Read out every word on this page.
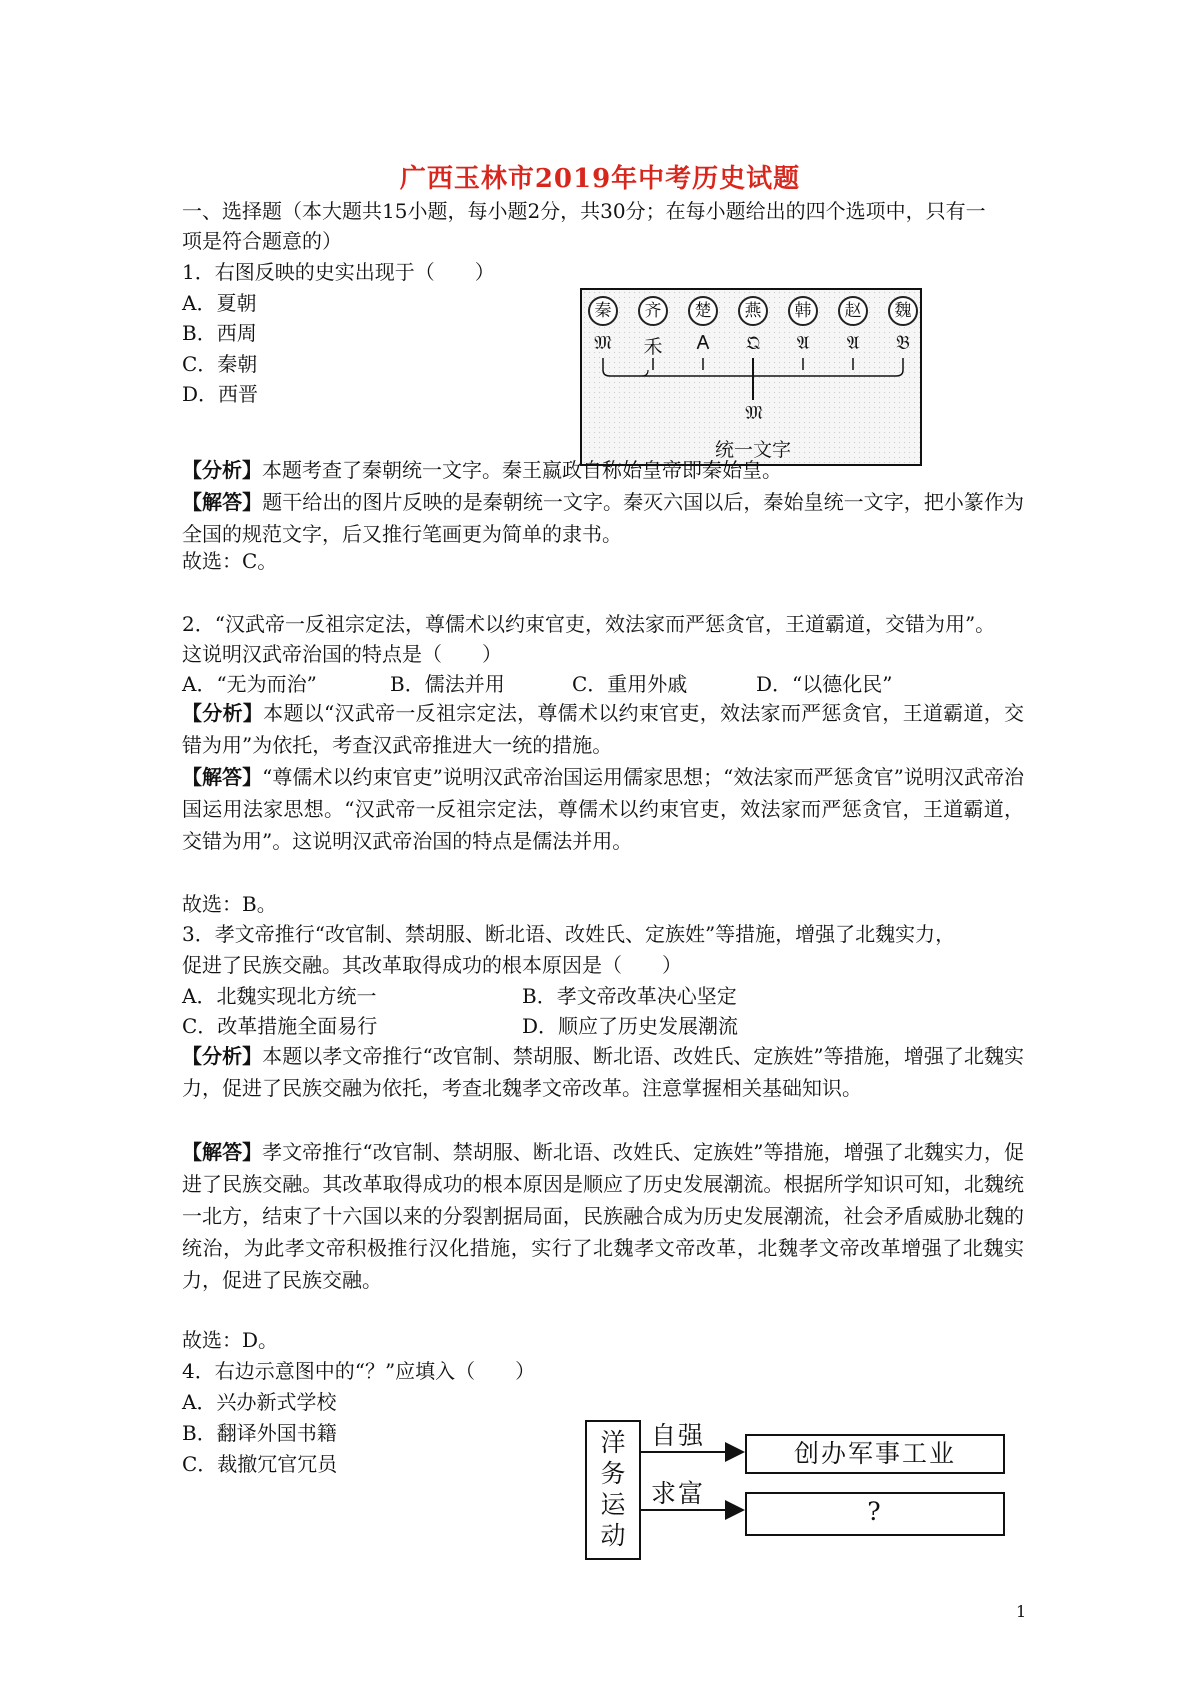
广西玉林市2019年中考历史试题
一、选择题（本大题共15小题，每小题2分，共30分；在每小题给出的四个选项中，只有一
项是符合题意的）
1．右图反映的史实出现于（　　）
A．夏朝
B．西周
C．秦朝
D．西晋
秦	齐	楚	燕	韩	赵	魏
𝔐	禾	𐌀	𝔔	𝔄	𝔄	𝔅
𝔐
统一文字
【分析】本题考查了秦朝统一文字。秦王嬴政自称始皇帝即秦始皇。
【解答】题干给出的图片反映的是秦朝统一文字。秦灭六国以后，秦始皇统一文字，把小篆作为全国的规范文字，后又推行笔画更为简单的隶书。
故选：C。
2．“汉武帝一反祖宗定法，尊儒术以约束官吏，效法家而严惩贪官，王道霸道，交错为用”。
这说明汉武帝治国的特点是（　　）
A．“无为而治”	B．儒法并用	C．重用外戚	D．“以德化民”
【分析】本题以“汉武帝一反祖宗定法，尊儒术以约束官吏，效法家而严惩贪官，王道霸道，交错为用”为依托，考查汉武帝推进大一统的措施。
【解答】“尊儒术以约束官吏”说明汉武帝治国运用儒家思想；“效法家而严惩贪官”说明汉武帝治国运用法家思想。“汉武帝一反祖宗定法，尊儒术以约束官吏，效法家而严惩贪官，王道霸道，交错为用”。这说明汉武帝治国的特点是儒法并用。
故选：B。
3．孝文帝推行“改官制、禁胡服、断北语、改姓氏、定族姓”等措施，增强了北魏实力，
促进了民族交融。其改革取得成功的根本原因是（　　）
A．北魏实现北方统一	B．孝文帝改革决心坚定
C．改革措施全面易行	D．顺应了历史发展潮流
【分析】本题以孝文帝推行“改官制、禁胡服、断北语、改姓氏、定族姓”等措施，增强了北魏实力，促进了民族交融为依托，考查北魏孝文帝改革。注意掌握相关基础知识。
【解答】孝文帝推行“改官制、禁胡服、断北语、改姓氏、定族姓”等措施，增强了北魏实力，促进了民族交融。其改革取得成功的根本原因是顺应了历史发展潮流。根据所学知识可知，北魏统一北方，结束了十六国以来的分裂割据局面，民族融合成为历史发展潮流，社会矛盾威胁北魏的统治，为此孝文帝积极推行汉化措施，实行了北魏孝文帝改革，北魏孝文帝改革增强了北魏实力，促进了民族交融。
故选：D。
4．右边示意图中的“？”应填入（　　）
A．兴办新式学校
B．翻译外国书籍
C．裁撤冗官冗员
洋
务
运
动
自强
求富
创办军事工业
?
1
